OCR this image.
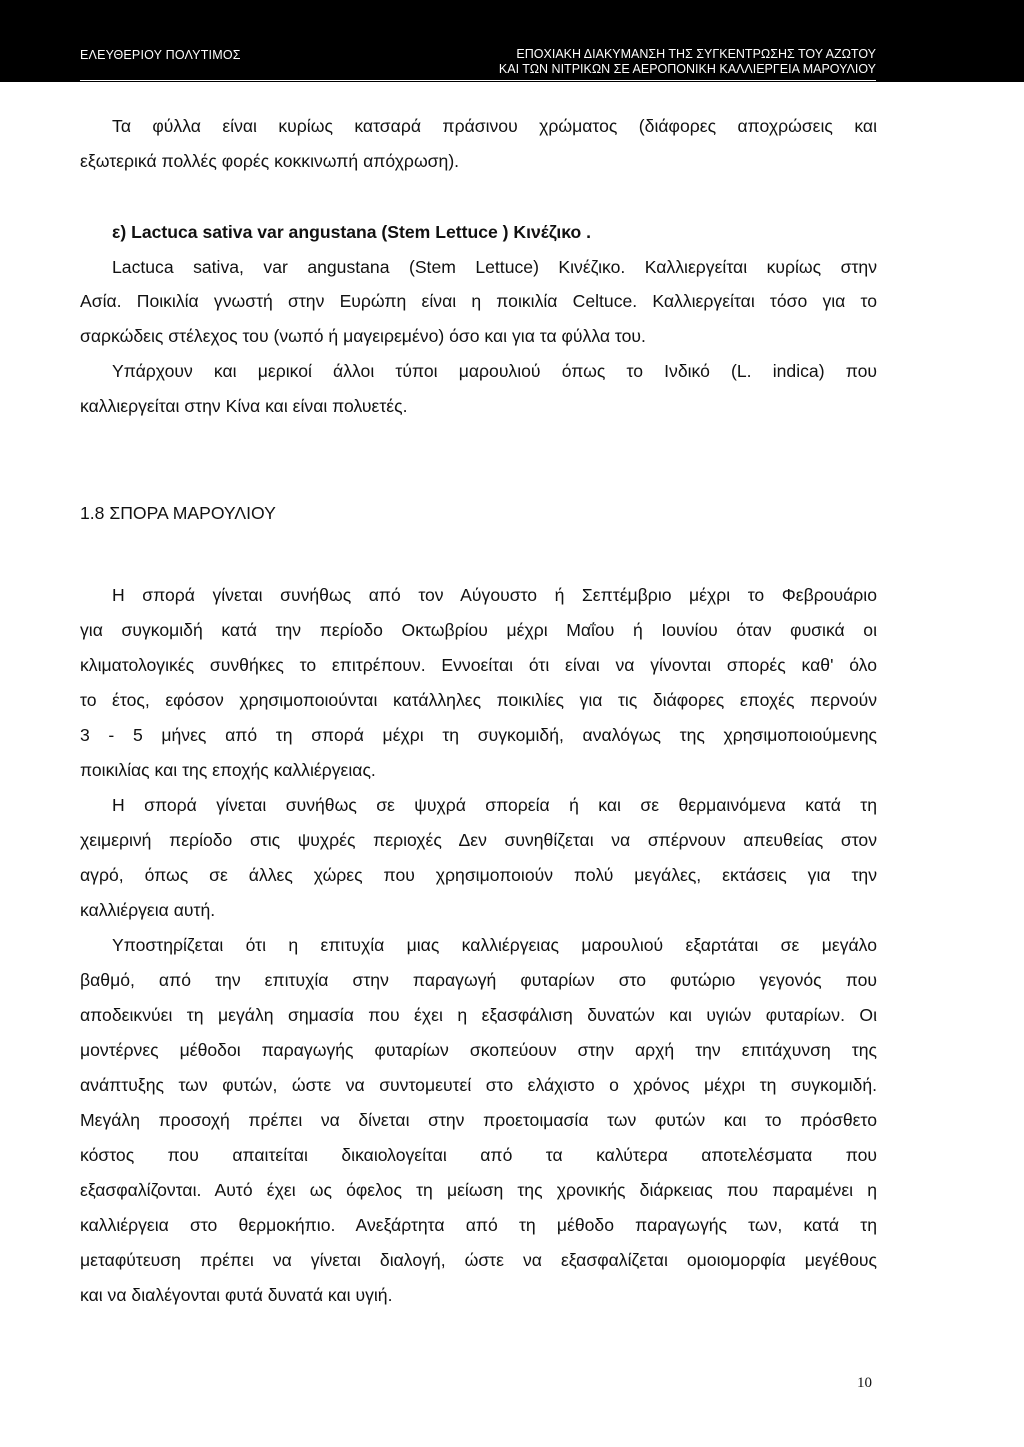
ΕΛΕΥΘΕΡΙΟΥ ΠΟΛΥΤΙΜΟΣ	ΕΠΟΧΙΑΚΗ ΔΙΑΚΥΜΑΝΣΗ ΤΗΣ ΣΥΓΚΕΝΤΡΩΣΗΣ ΤΟΥ ΑΖΩΤΟΥ
ΚΑΙ ΤΩΝ ΝΙΤΡΙΚΩΝ ΣΕ ΑΕΡΟΠΟΝΙΚΗ ΚΑΛΛΙΕΡΓΕΙΑ ΜΑΡΟΥΛΙΟΥ
Τα φύλλα είναι κυρίως κατσαρά πράσινου χρώματος (διάφορες αποχρώσεις και
εξωτερικά πολλές φορές κοκκινωπή απόχρωση).
ε) Lactuca sativa var angustana (Stem Lettuce ) Κινέζικο .
Lactuca sativa, var angustana (Stem Lettuce) Κινέζικο. Καλλιεργείται κυρίως στην
Ασία. Ποικιλία γνωστή στην Ευρώπη είναι η ποικιλία Celtuce. Καλλιεργείται τόσο για το
σαρκώδεις στέλεχος του (νωπό ή μαγειρεμένο) όσο και για τα φύλλα του.
Υπάρχουν και μερικοί άλλοι τύποι μαρουλιού όπως το Ινδικό (L. indica) που
καλλιεργείται στην Κίνα και είναι πολυετές.
1.8 ΣΠΟΡΑ ΜΑΡΟΥΛΙΟΥ
Η σπορά γίνεται συνήθως από τον Αύγουστο ή Σεπτέμβριο μέχρι το Φεβρουάριο
για συγκομιδή κατά την περίοδο Οκτωβρίου μέχρι Μαΐου ή Ιουνίου όταν φυσικά οι
κλιματολογικές συνθήκες το επιτρέπουν. Εννοείται ότι είναι να γίνονται σπορές καθ' όλο
το έτος, εφόσον χρησιμοποιούνται κατάλληλες ποικιλίες για τις διάφορες εποχές περνούν
3 - 5 μήνες από τη σπορά μέχρι τη συγκομιδή, αναλόγως της χρησιμοποιούμενης
ποικιλίας και της εποχής καλλιέργειας.
Η σπορά γίνεται συνήθως σε ψυχρά σπορεία ή και σε θερμαινόμενα κατά τη
χειμερινή περίοδο στις ψυχρές περιοχές Δεν συνηθίζεται να σπέρνουν απευθείας στον
αγρό, όπως σε άλλες χώρες που χρησιμοποιούν πολύ μεγάλες, εκτάσεις για την
καλλιέργεια αυτή.
Υποστηρίζεται ότι η επιτυχία μιας καλλιέργειας μαρουλιού εξαρτάται σε μεγάλο
βαθμό, από την επιτυχία στην παραγωγή φυταρίων στο φυτώριο γεγονός που
αποδεικνύει τη μεγάλη σημασία που έχει η εξασφάλιση δυνατών και υγιών φυταρίων. Οι
μοντέρνες μέθοδοι παραγωγής φυταρίων σκοπεύουν στην αρχή την επιτάχυνση της
ανάπτυξης των φυτών, ώστε να συντομευτεί στο ελάχιστο ο χρόνος μέχρι τη συγκομιδή.
Μεγάλη προσοχή πρέπει να δίνεται στην προετοιμασία των φυτών και το πρόσθετο
κόστος που απαιτείται δικαιολογείται από τα καλύτερα αποτελέσματα που
εξασφαλίζονται. Αυτό έχει ως όφελος τη μείωση της χρονικής διάρκειας που παραμένει η
καλλιέργεια στο θερμοκήπιο. Ανεξάρτητα από τη μέθοδο παραγωγής των, κατά τη
μεταφύτευση πρέπει να γίνεται διαλογή, ώστε να εξασφαλίζεται ομοιομορφία μεγέθους
και να διαλέγονται φυτά δυνατά και υγιή.
10
